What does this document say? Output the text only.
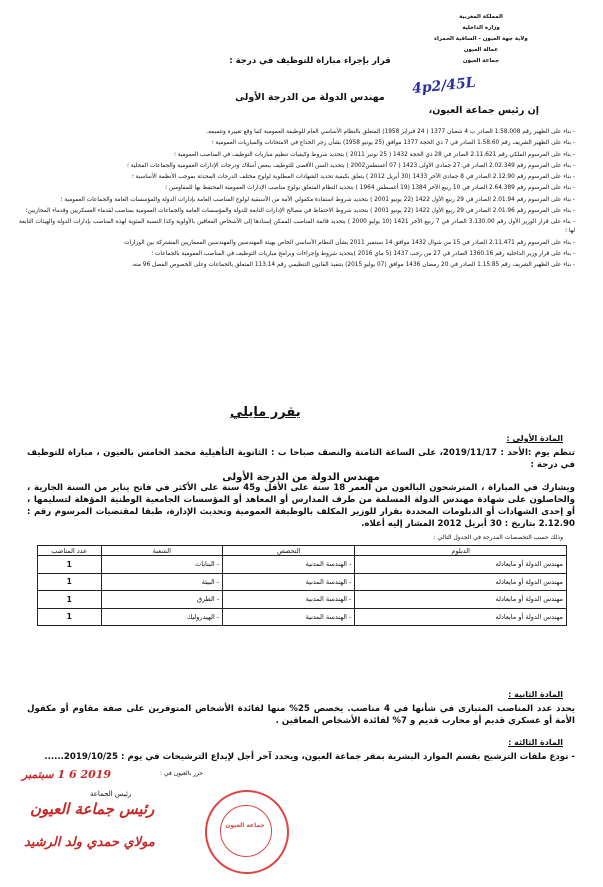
المملكة المغربية
وزارة الداخلية
ولاية جهة العيون - الساقية الحمراء
عمالة العيون
جماعة العيون
4p2/45L
قرار بإجراء مباراة للتوظيف في درجة :
مهندس الدولة من الدرجة الأولى
إن رئيس جماعة العيون،

- بناء على الظهير رقم 1.58.008 الصادر ب 4 شعبان 1377 ( 24 فبراير 1958) المتعلق بالنظام الأساسي العام للوظيفة العمومية كما وقع تغييره وتتميمه.

- بناء على الظهير الشريف رقم 1.58.60 الصادر في 7 ذي الحجة 1377 موافق (25 يونيو 1958) بشأن زجر الخداع في الامتحانات والمباريات العمومية ؛

- بناء على المرسوم الملكي رقم 2.11.621 الصادر في 28 ذي الحجة 1432 ( 25 نونبر 2011 ) بتحديد شروط وكيفيات تنظيم مباريات التوظيف في المناصب العمومية ؛

- بناء على المرسوم رقم 2.02.349 الصادر في 27 جمادى الأولى 1423 ( 07 أغسطس2002 ) بتحديد السن الأقصى للتوظيف ببعض أسلاك ودرجات الإدارات العمومية والجماعات المحلية ؛

- بناء على المرسوم رقم 2.12.90 الصادر في 8 جمادى الآخر 1433 (30 أبريل 2012 ) يتعلق بكيفية تحديد الشهادات المطلوبة لولوج مختلف الدرجات المحدثة بموجب الأنظمة الأساسية ؛

- بناء على المرسوم رقم 2.64.389 الصادر في 10 ربيع الآخر 1384 (19 أغسطس 1964 ) بتحديد النظام المتعلق بولوج مناصب الإدارات العمومية المحتفظ بها للمقاومين ؛

- بناء على المرسوم رقم 2.01.94 الصادر في 29 ربيع الأول 1422 (22 يونيو 2001 ) بتحديد شروط استفادة مكفولي الأمة من الأسبقية لولوج المناصب العامة بإدارات الدولة والمؤسسات العامة والجماعات العمومية ؛

- بناء على المرسوم رقم 2.01.96 الصادر في 29 ربيع الأول 1422 (22 يونيو 2001 ) بتحديد شروط الاحتفاظ في مصالح الإدارات التابعة للدولة والمؤسسات العامة والجماعات العمومية بمناصب لقدماء العسكريين وقدماء المحاربين؛

- بناء على قرار الوزير الأول رقم 3.130.00 الصادر في 7 ربيع الآخر 1421 (10 يوليو 2000 ) بتحديد قائمة المناصب الممكن إسنادها إلى الأشخاص المعاقين بالأولوية وكذا النسبة المئوية لهذه المناصب بإدارات الدولة والهيئات التابعة لها ؛

- بناء على المرسوم رقم 2.11.471 الصادر في 15 من شوال 1432 موافق 14 سبتمبر 2011 بشأن النظام الأساسي الخاص بهيئة المهندسين والمهندسين المعماريين المشتركة بين الوزارات

- بناء على قرار وزير الداخلية رقم 1360.16 الصادر في 27 من رجب 1437 (5 ماي 2016 )بتحديد شروط وإجراءات وبرامج مباريات التوظيف في المناصب العمومية بالجماعات ؛

- بناء على الظهير الشريف رقم 1.15.85 الصادر في 20 رمضان 1436 موافق (07 يوليو 2015) بتنفيذ القانون التنظيمي رقم 113.14 المتعلق بالجماعات وعلى الخصوص الفصل 96 منه.

يقرر مايلي
المادة الأولى :
تنظم يوم :الأحد : 2019/11/17، على الساعة الثامنة والنصف صباحا ب : الثانوية التأهيلية محمد الخامس بالعيون ، مباراة للتوظيف في درجة :
مهندس الدولة من الدرجة الأولى
ويشارك في المباراة ، المترشحون البالغون من العمر 18 سنة على الأقل و45 سنة على الأكثر في فاتح يناير من السنة الجارية ، والحاصلون على شهادة مهندس الدولة المسلمة من طرف المدارس أو المعاهد أو المؤسسات الجامعية الوطنية المؤهلة لتسليمها ، أو إحدى الشهادات أو الدبلومات المحددة بقرار للوزير المكلف بالوظيفة العمومية وتحديث الإدارة، طبقا لمقتضيات المرسوم رقم : 2.12.90 بتاريخ : 30 أبريل 2012 المشار إليه أعلاه.
وذلك حسب التخصصات المدرجة في الجدول التالي :
الدبلوم	التخصص	الشعبة	عدد المناصب
مهندس الدولة أو مايعادله	- الهندسة المدنية	- البنايات	1
مهندس الدولة أو مايعادله	- الهندسة المدنية	- البيئة	1
مهندس الدولة أو مايعادله	- الهندسة المدنية	- الطرق	1
مهندس الدولة أو مايعادله	- الهندسة المدنية	- الهيدروليك	1
المادة الثانية :
يحدد عدد المناصب المتبارى في شأنها في 4 مناصب. يخصص 25% منها لفائدة الأشخاص المتوفرين على صفة مقاوم أو مكفول الأمة أو عسكري قديم أو محارب قديم و 7% لفائدة الأشخاص المعاقين .
المادة الثالثة :
- تودع ملفات الترشيح بقسم الموارد البشرية بمقر جماعة العيون، ويحدد آخر أجل لإيداع الترشيحات في يوم : 2019/10/25......
حرر بالعيون في :
2019 6 1 سبتمبر
رئيس الجماعة
رئيس جماعة العيون
مولاي حمدي ولد الرشيد
جماعة العيون
